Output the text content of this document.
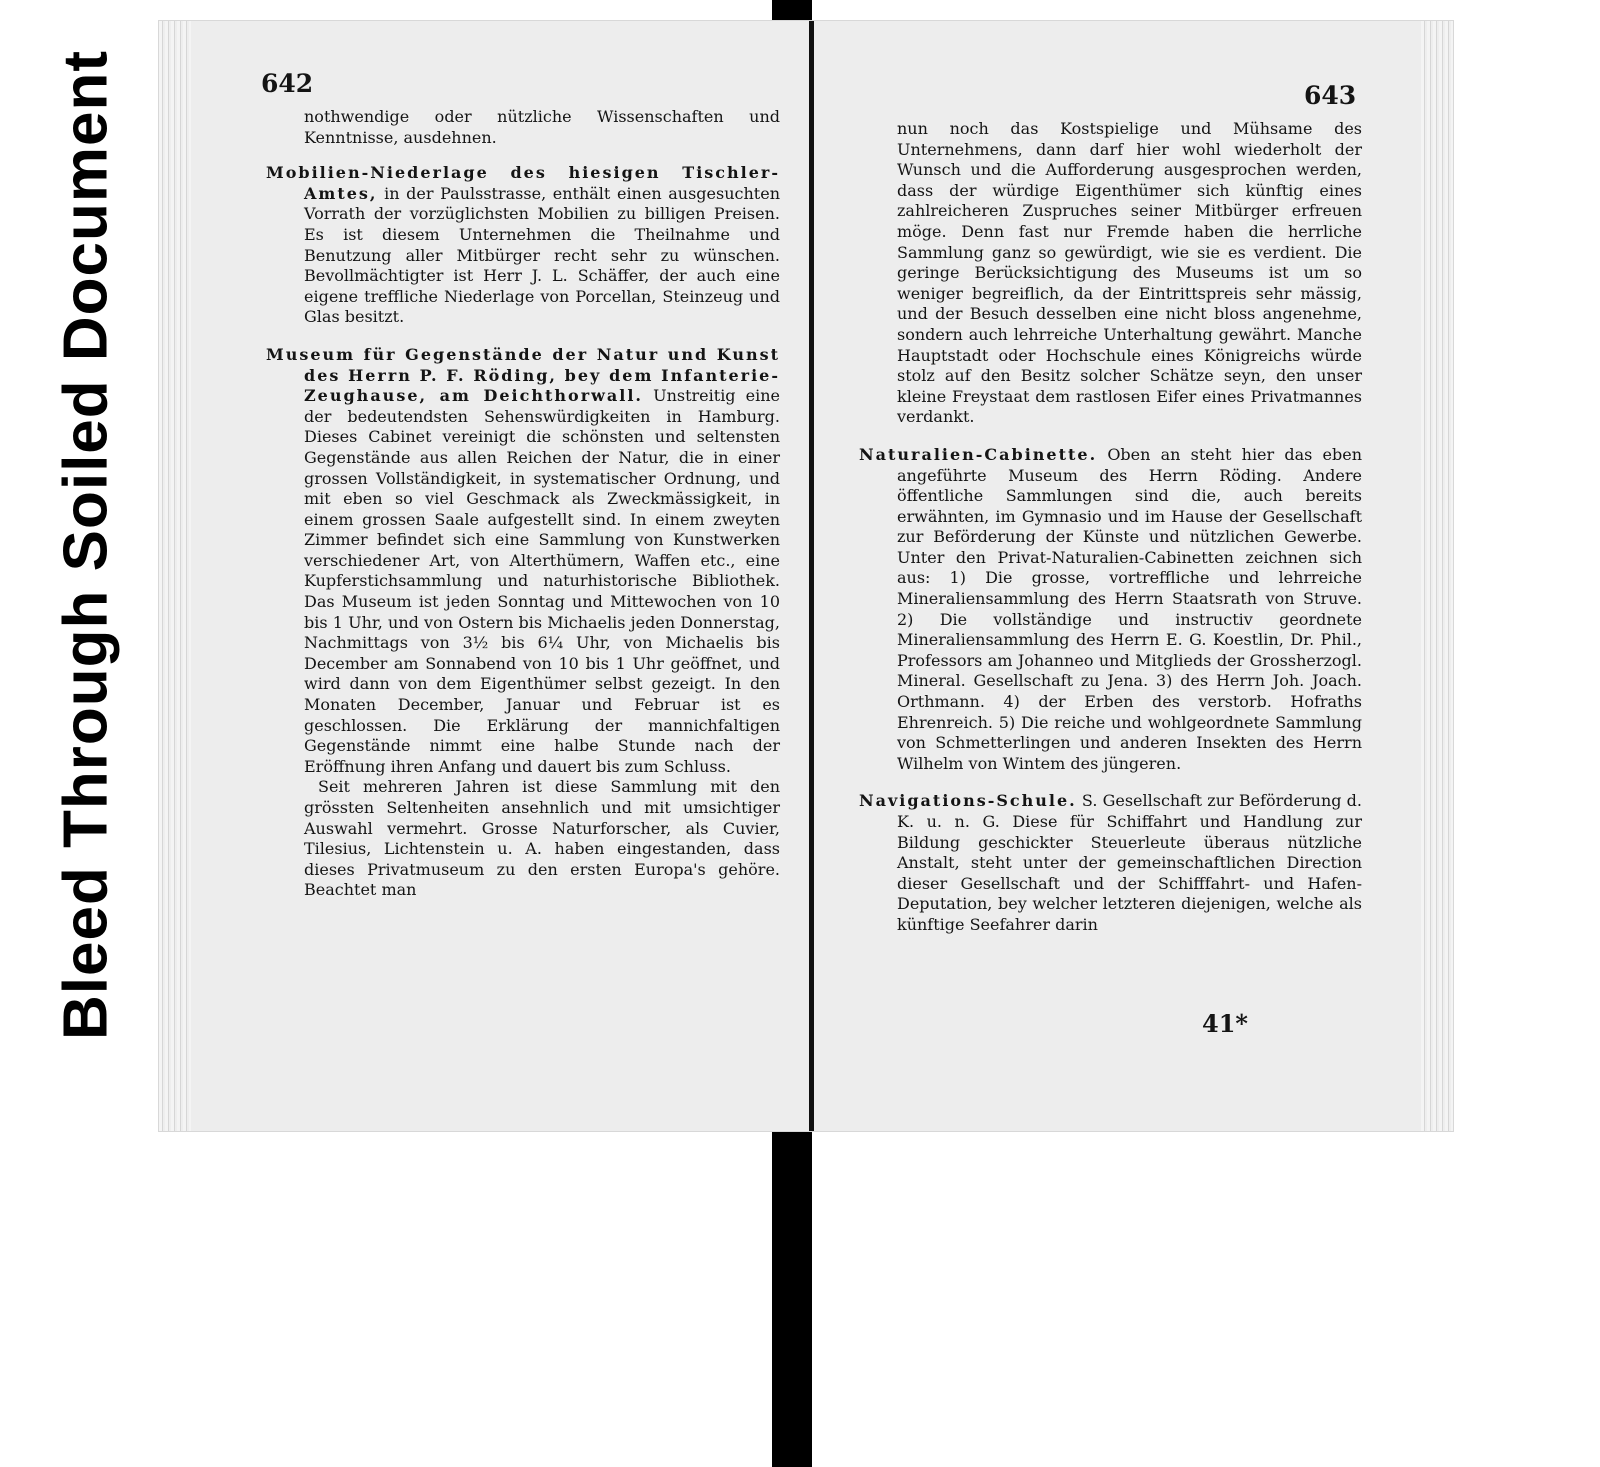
Bleed Through Soiled Document	642

nothwendige oder nützliche Wissenschaften und Kenntnisse, ausdehnen.

Mobilien-Niederlage des hiesigen Tischler-Amtes, in der Paulsstrasse, enthält einen ausgesuchten Vorrath der vorzüglichsten Mobilien zu billigen Preisen. Es ist diesem Unternehmen die Theilnahme und Benutzung aller Mitbürger recht sehr zu wünschen. Bevollmächtigter ist Herr J. L. Schäffer, der auch eine eigene treffliche Niederlage von Porcellan, Steinzeug und Glas besitzt.

Museum für Gegenstände der Natur und Kunst des Herrn P. F. Röding, bey dem Infanterie-Zeughause, am Deichthorwall. Unstreitig eine der bedeutendsten Sehenswürdigkeiten in Hamburg. Dieses Cabinet vereinigt die schönsten und seltensten Gegenstände aus allen Reichen der Natur, die in einer grossen Vollständigkeit, in systematischer Ordnung, und mit eben so viel Geschmack als Zweckmässigkeit, in einem grossen Saale aufgestellt sind. In einem zweyten Zimmer befindet sich eine Sammlung von Kunstwerken verschiedener Art, von Alterthümern, Waffen etc., eine Kupferstichsammlung und naturhistorische Bibliothek. Das Museum ist jeden Sonntag und Mittewochen von 10 bis 1 Uhr, und von Ostern bis Michaelis jeden Donnerstag, Nachmittags von 3½ bis 6¼ Uhr, von Michaelis bis December am Sonnabend von 10 bis 1 Uhr geöffnet, und wird dann von dem Eigenthümer selbst gezeigt. In den Monaten December, Januar und Februar ist es geschlossen. Die Erklärung der mannichfaltigen Gegenstände nimmt eine halbe Stunde nach der Eröffnung ihren Anfang und dauert bis zum Schluss.

Seit mehreren Jahren ist diese Sammlung mit den grössten Seltenheiten ansehnlich und mit umsichtiger Auswahl vermehrt. Grosse Naturforscher, als Cuvier, Tilesius, Lichtenstein u. A. haben eingestanden, dass dieses Privatmuseum zu den ersten Europa's gehöre. Beachtet man

643

nun noch das Kostspielige und Mühsame des Unternehmens, dann darf hier wohl wiederholt der Wunsch und die Aufforderung ausgesprochen werden, dass der würdige Eigenthümer sich künftig eines zahlreicheren Zuspruches seiner Mitbürger erfreuen möge. Denn fast nur Fremde haben die herrliche Sammlung ganz so gewürdigt, wie sie es verdient. Die geringe Berücksichtigung des Museums ist um so weniger begreiflich, da der Eintrittspreis sehr mässig, und der Besuch desselben eine nicht bloss angenehme, sondern auch lehrreiche Unterhaltung gewährt. Manche Hauptstadt oder Hochschule eines Königreichs würde stolz auf den Besitz solcher Schätze seyn, den unser kleine Freystaat dem rastlosen Eifer eines Privatmannes verdankt.

Naturalien-Cabinette. Oben an steht hier das eben angeführte Museum des Herrn Röding. Andere öffentliche Sammlungen sind die, auch bereits erwähnten, im Gymnasio und im Hause der Gesellschaft zur Beförderung der Künste und nützlichen Gewerbe. Unter den Privat-Naturalien-Cabinetten zeichnen sich aus: 1) Die grosse, vortreffliche und lehrreiche Mineraliensammlung des Herrn Staatsrath von Struve. 2) Die vollständige und instructiv geordnete Mineraliensammlung des Herrn E. G. Koestlin, Dr. Phil., Professors am Johanneo und Mitglieds der Grossherzogl. Mineral. Gesellschaft zu Jena. 3) des Herrn Joh. Joach. Orthmann. 4) der Erben des verstorb. Hofraths Ehrenreich. 5) Die reiche und wohlgeordnete Sammlung von Schmetterlingen und anderen Insekten des Herrn Wilhelm von Wintem des jüngeren.

Navigations-Schule. S. Gesellschaft zur Beförderung d. K. u. n. G. Diese für Schiffahrt und Handlung zur Bildung geschickter Steuerleute überaus nützliche Anstalt, steht unter der gemeinschaftlichen Direction dieser Gesellschaft und der Schifffahrt- und Hafen-Deputation, bey welcher letzteren diejenigen, welche als künftige Seefahrer darin

41*
